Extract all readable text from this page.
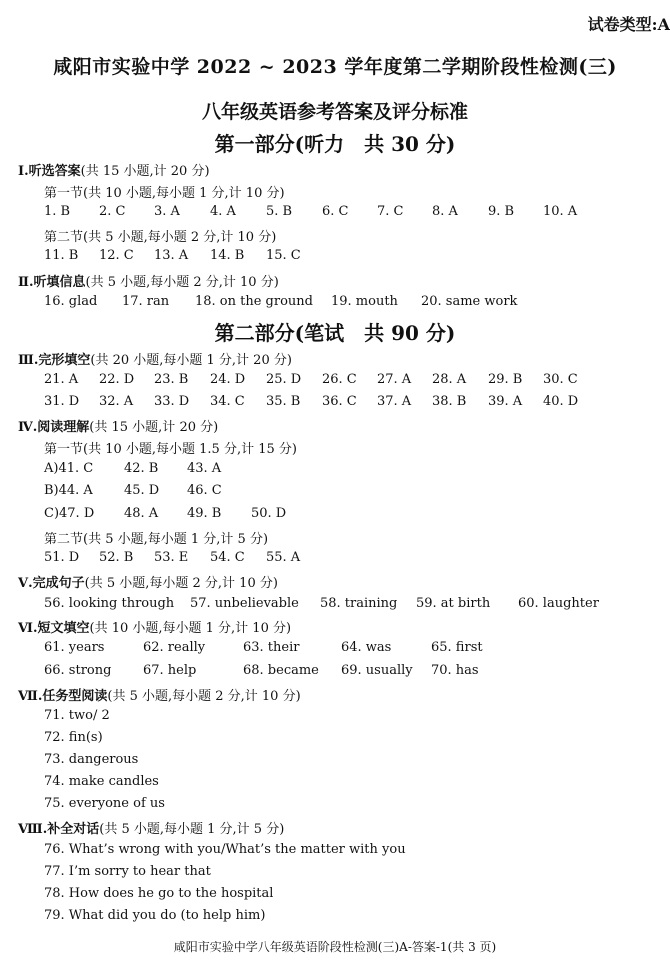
试卷类型:A
咸阳市实验中学 2022 ~ 2023 学年度第二学期阶段性检测(三)
八年级英语参考答案及评分标准
第一部分(听力　共 30 分)
Ⅰ.听选答案(共 15 小题,计 20 分)
第一节(共 10 小题,每小题 1 分,计 10 分)
第二节(共 5 小题,每小题 2 分,计 10 分)
Ⅱ.听填信息(共 5 小题,每小题 2 分,计 10 分)
第二部分(笔试　共 90 分)
Ⅲ.完形填空(共 20 小题,每小题 1 分,计 20 分)
Ⅳ.阅读理解(共 15 小题,计 20 分)
第一节(共 10 小题,每小题 1.5 分,计 15 分)
第二节(共 5 小题,每小题 1 分,计 5 分)
Ⅴ.完成句子(共 5 小题,每小题 2 分,计 10 分)
Ⅵ.短文填空(共 10 小题,每小题 1 分,计 10 分)
Ⅶ.任务型阅读(共 5 小题,每小题 2 分,计 10 分)
Ⅷ.补全对话(共 5 小题,每小题 1 分,计 5 分)
咸阳市实验中学八年级英语阶段性检测(三)A-答案-1(共 3 页)
1. B 2. C 3. A 4. A 5. B 6. C 7. C 8. A 9. B 10. A
11. B 12. C 13. A 14. B 15. C
16. glad 17. ran 18. on the ground 19. mouth 20. same work
21. A 22. D 23. B 24. D 25. D 26. C 27. A 28. A 29. B 30. C
31. D 32. A 33. D 34. C 35. B 36. C 37. A 38. B 39. A 40. D
A)41. C 42. B 43. A
B)44. A 45. D 46. C
C)47. D 48. A 49. B 50. D
51. D 52. B 53. E 54. C 55. A
56. looking through 57. unbelievable 58. training 59. at birth 60. laughter
61. years	62. really	63. their	64. was	65. first
66. strong 67. help	68. became 69. usually 70. has
71. two/ 2
72. fin(s)
73. dangerous
74. make candles
75. everyone of us
76. What’s wrong with you/What’s the matter with you
77. I’m sorry to hear that
78. How does he go to the hospital
79. What did you do (to help him)
